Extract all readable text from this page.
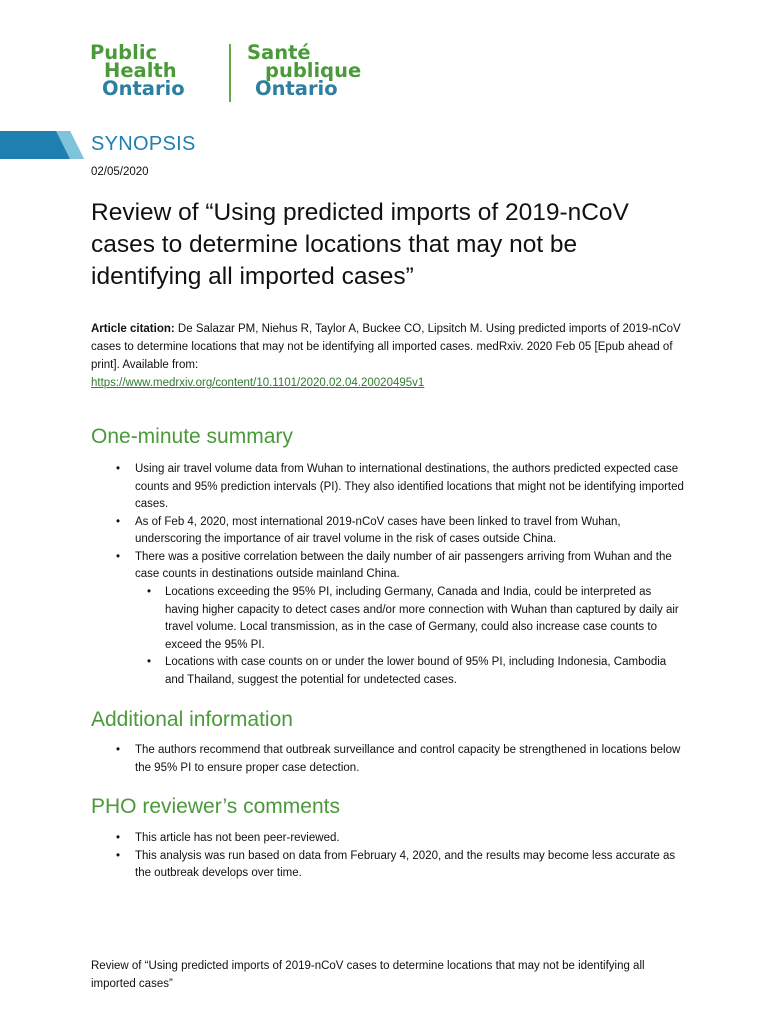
Public
Health
Ontario
Santé
publique
Ontario
SYNOPSIS
02/05/2020
Review of “Using predicted imports of 2019-nCoV cases to determine locations that may not be identifying all imported cases”
Article citation: De Salazar PM, Niehus R, Taylor A, Buckee CO, Lipsitch M. Using predicted imports of 2019-nCoV cases to determine locations that may not be identifying all imported cases. medRxiv. 2020 Feb 05 [Epub ahead of print]. Available from:
https://www.medrxiv.org/content/10.1101/2020.02.04.20020495v1
One-minute summary
• Using air travel volume data from Wuhan to international destinations, the authors predicted expected case counts and 95% prediction intervals (PI). They also identified locations that might not be identifying imported cases.
• As of Feb 4, 2020, most international 2019-nCoV cases have been linked to travel from Wuhan, underscoring the importance of air travel volume in the risk of cases outside China.
• There was a positive correlation between the daily number of air passengers arriving from Wuhan and the case counts in destinations outside mainland China.
• Locations exceeding the 95% PI, including Germany, Canada and India, could be interpreted as having higher capacity to detect cases and/or more connection with Wuhan than captured by daily air travel volume. Local transmission, as in the case of Germany, could also increase case counts to exceed the 95% PI.
• Locations with case counts on or under the lower bound of 95% PI, including Indonesia, Cambodia and Thailand, suggest the potential for undetected cases.
Additional information
• The authors recommend that outbreak surveillance and control capacity be strengthened in locations below the 95% PI to ensure proper case detection.
PHO reviewer’s comments
• This article has not been peer-reviewed.
• This analysis was run based on data from February 4, 2020, and the results may become less accurate as the outbreak develops over time.
Review of “Using predicted imports of 2019-nCoV cases to determine locations that may not be identifying all imported cases”
